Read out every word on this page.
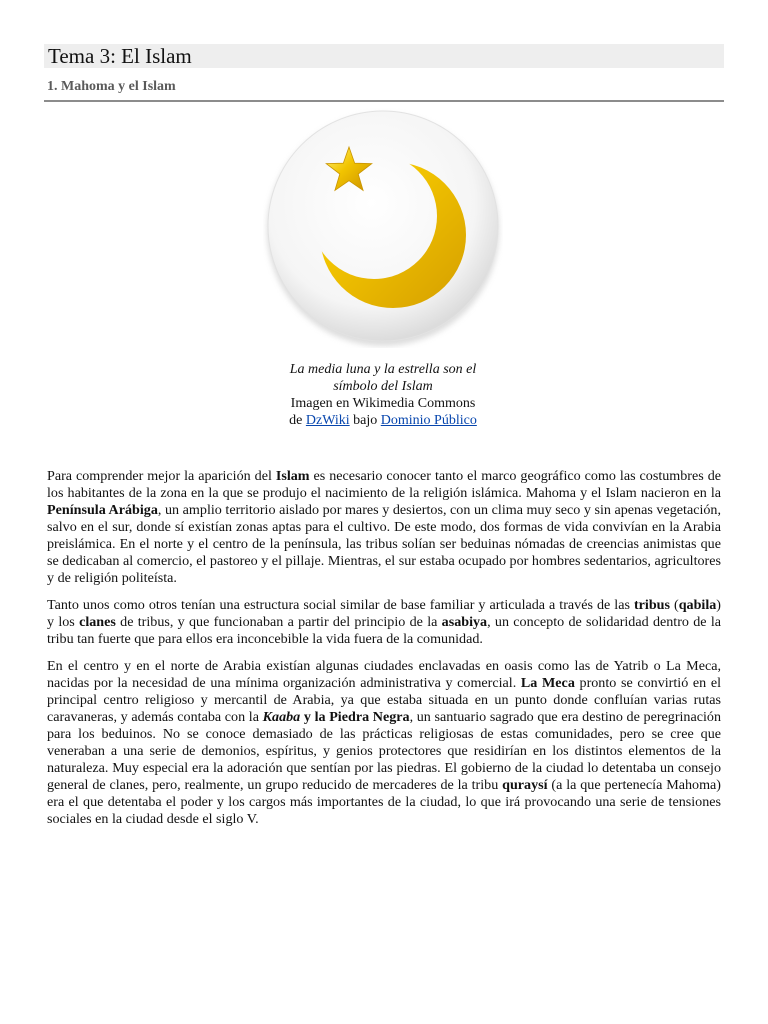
Tema 3: El Islam
1. Mahoma y el Islam
La media luna y la estrella son el
símbolo del Islam
Imagen en Wikimedia Commons
de DzWiki bajo Dominio Público

Para comprender mejor la aparición del Islam es necesario conocer tanto el marco geográfico como las costumbres de los habitantes de la zona en la que se produjo el nacimiento de la religión islámica. Mahoma y el Islam nacieron en la Península Arábiga, un amplio territorio aislado por mares y desiertos, con un clima muy seco y sin apenas vegetación, salvo en el sur, donde sí existían zonas aptas para el cultivo. De este modo, dos formas de vida convivían en la Arabia preislámica. En el norte y el centro de la península, las tribus solían ser beduinas nómadas de creencias animistas que se dedicaban al comercio, el pastoreo y el pillaje. Mientras, el sur estaba ocupado por hombres sedentarios, agricultores y de religión politeísta.

Tanto unos como otros tenían una estructura social similar de base familiar y articulada a través de las tribus (qabila) y los clanes de tribus, y que funcionaban a partir del principio de la asabiya, un concepto de solidaridad dentro de la tribu tan fuerte que para ellos era inconcebible la vida fuera de la comunidad.

En el centro y en el norte de Arabia existían algunas ciudades enclavadas en oasis como las de Yatrib o La Meca, nacidas por la necesidad de una mínima organización administrativa y comercial. La Meca pronto se convirtió en el principal centro religioso y mercantil de Arabia, ya que estaba situada en un punto donde confluían varias rutas caravaneras, y además contaba con la Kaaba y la Piedra Negra, un santuario sagrado que era destino de peregrinación para los beduinos. No se conoce demasiado de las prácticas religiosas de estas comunidades, pero se cree que veneraban a una serie de demonios, espíritus, y genios protectores que residirían en los distintos elementos de la naturaleza. Muy especial era la adoración que sentían por las piedras. El gobierno de la ciudad lo detentaba un consejo general de clanes, pero, realmente, un grupo reducido de mercaderes de la tribu quraysí (a la que pertenecía Mahoma) era el que detentaba el poder y los cargos más importantes de la ciudad, lo que irá provocando una serie de tensiones sociales en la ciudad desde el siglo V.
